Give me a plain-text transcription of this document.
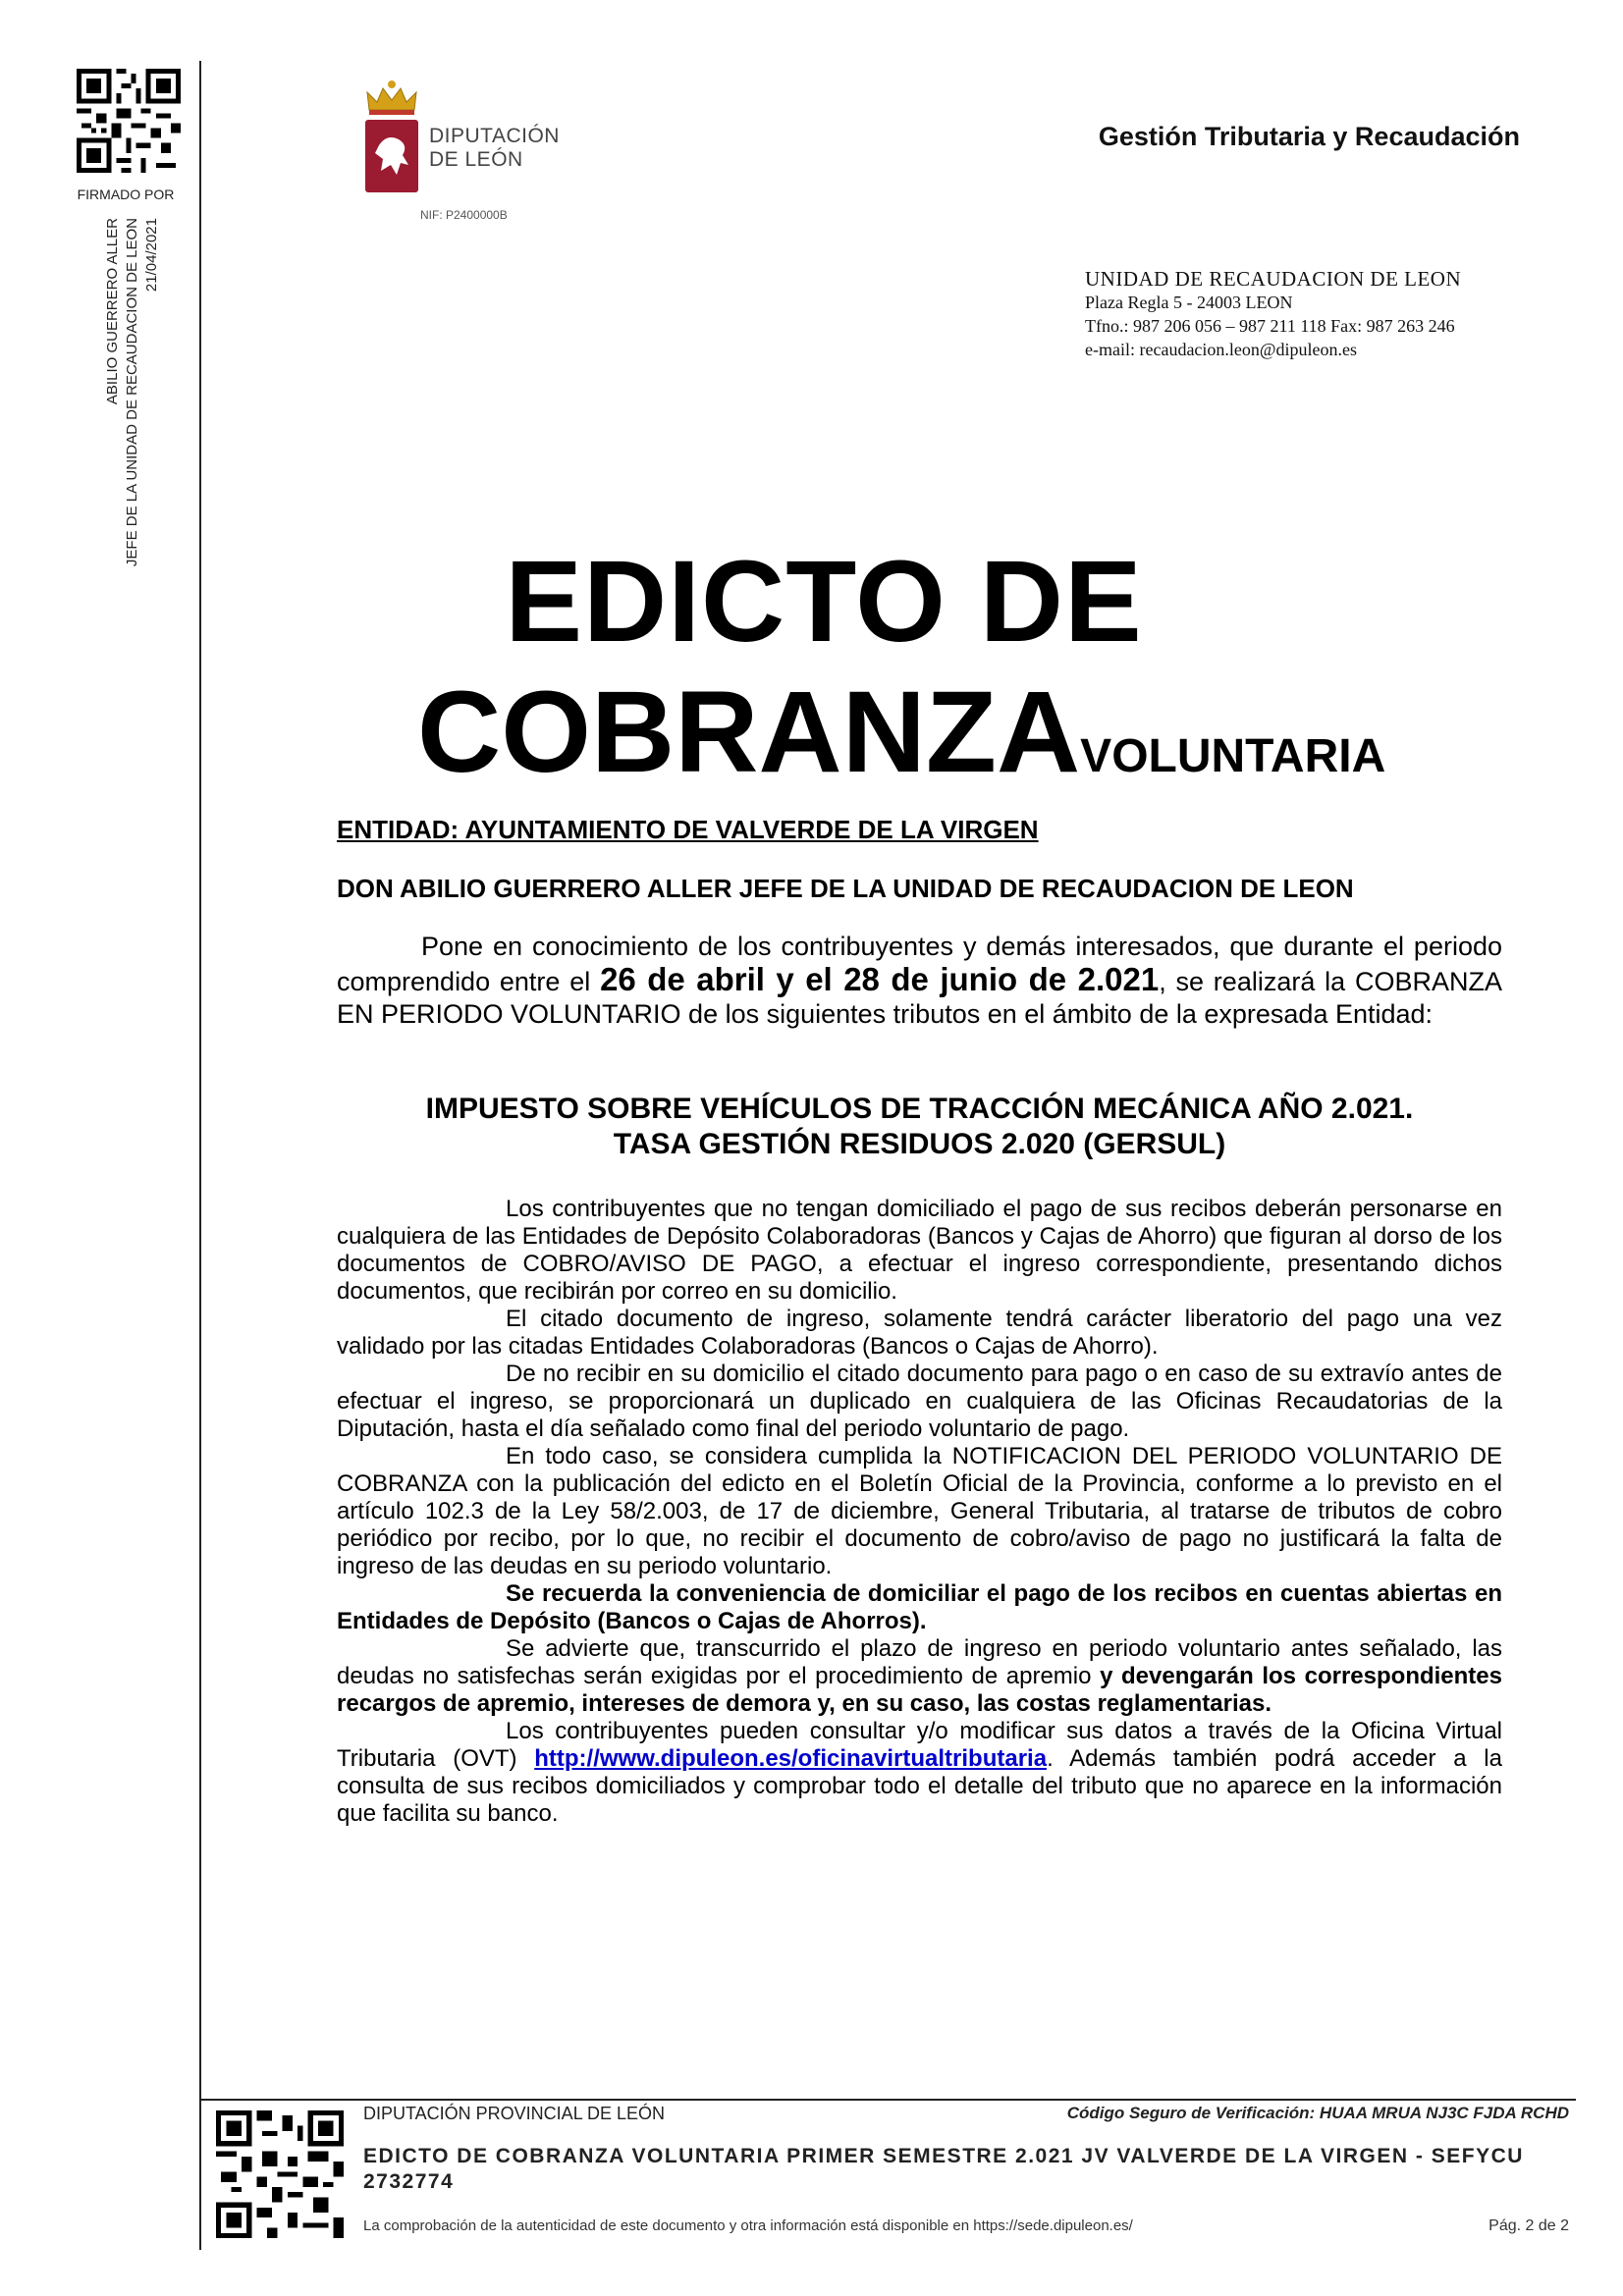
FIRMADO POR
ABILIO GUERRERO ALLER JEFE DE LA UNIDAD DE RECAUDACION DE LEON 21/04/2021
DIPUTACIÓN
DE LEÓN
NIF: P2400000B
Gestión Tributaria y Recaudación
UNIDAD DE RECAUDACION DE LEON
Plaza Regla 5 - 24003 LEON
Tfno.: 987 206 056 – 987 211 118 Fax: 987 263 246
e-mail: recaudacion.leon@dipuleon.es
EDICTO DE
COBRANZAVOLUNTARIA
ENTIDAD: AYUNTAMIENTO DE VALVERDE DE LA VIRGEN
DON ABILIO GUERRERO ALLER JEFE DE LA UNIDAD DE RECAUDACION DE LEON
Pone en conocimiento de los contribuyentes y demás interesados, que durante el periodo comprendido entre el 26 de abril y el 28 de junio de 2.021, se realizará la COBRANZA EN PERIODO VOLUNTARIO de los siguientes tributos en el ámbito de la expresada Entidad:
IMPUESTO SOBRE VEHÍCULOS DE TRACCIÓN MECÁNICA AÑO 2.021.
TASA GESTIÓN RESIDUOS 2.020 (GERSUL)

Los contribuyentes que no tengan domiciliado el pago de sus recibos deberán personarse en cualquiera de las Entidades de Depósito Colaboradoras (Bancos y Cajas de Ahorro) que figuran al dorso de los documentos de COBRO/AVISO DE PAGO, a efectuar el ingreso correspondiente, presentando dichos documentos, que recibirán por correo en su domicilio.

El citado documento de ingreso, solamente tendrá carácter liberatorio del pago una vez validado por las citadas Entidades Colaboradoras (Bancos o Cajas de Ahorro).

De no recibir en su domicilio el citado documento para pago o en caso de su extravío antes de efectuar el ingreso, se proporcionará un duplicado en cualquiera de las Oficinas Recaudatorias de la Diputación, hasta el día señalado como final del periodo voluntario de pago.

En todo caso, se considera cumplida la NOTIFICACION DEL PERIODO VOLUNTARIO DE COBRANZA con la publicación del edicto en el Boletín Oficial de la Provincia, conforme a lo previsto en el artículo 102.3 de la Ley 58/2.003, de 17 de diciembre, General Tributaria, al tratarse de tributos de cobro periódico por recibo, por lo que, no recibir el documento de cobro/aviso de pago no justificará la falta de ingreso de las deudas en su periodo voluntario.

Se recuerda la conveniencia de domiciliar el pago de los recibos en cuentas abiertas en Entidades de Depósito (Bancos o Cajas de Ahorros).

Se advierte que, transcurrido el plazo de ingreso en periodo voluntario antes señalado, las deudas no satisfechas serán exigidas por el procedimiento de apremio y devengarán los correspondientes recargos de apremio, intereses de demora y, en su caso, las costas reglamentarias.

Los contribuyentes pueden consultar y/o modificar sus datos a través de la Oficina Virtual Tributaria (OVT) http://www.dipuleon.es/oficinavirtualtributaria. Además también podrá acceder a la consulta de sus recibos domiciliados y comprobar todo el detalle del tributo que no aparece en la información que facilita su banco.

DIPUTACIÓN PROVINCIAL DE LEÓN	Código Seguro de Verificación: HUAA MRUA NJ3C FJDA RCHD
EDICTO DE COBRANZA VOLUNTARIA PRIMER SEMESTRE 2.021 JV VALVERDE DE LA VIRGEN - SEFYCU 2732774
La comprobación de la autenticidad de este documento y otra información está disponible en https://sede.dipuleon.es/	Pág. 2 de 2
